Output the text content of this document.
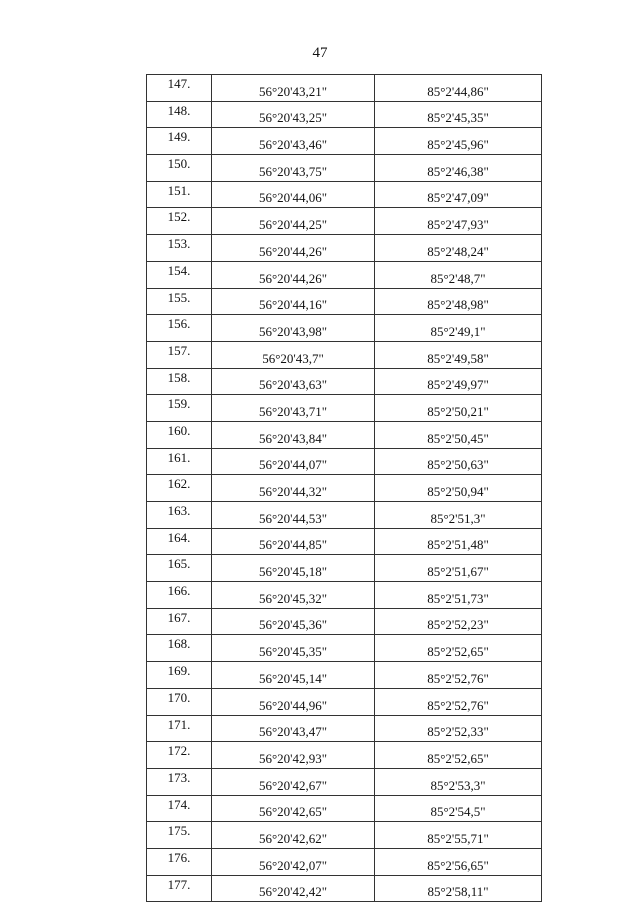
47
147.	56°20'43,21"	85°2'44,86"
148.	56°20'43,25"	85°2'45,35"
149.	56°20'43,46"	85°2'45,96"
150.	56°20'43,75"	85°2'46,38"
151.	56°20'44,06"	85°2'47,09"
152.	56°20'44,25"	85°2'47,93"
153.	56°20'44,26"	85°2'48,24"
154.	56°20'44,26"	85°2'48,7"
155.	56°20'44,16"	85°2'48,98"
156.	56°20'43,98"	85°2'49,1"
157.	56°20'43,7"	85°2'49,58"
158.	56°20'43,63"	85°2'49,97"
159.	56°20'43,71"	85°2'50,21"
160.	56°20'43,84"	85°2'50,45"
161.	56°20'44,07"	85°2'50,63"
162.	56°20'44,32"	85°2'50,94"
163.	56°20'44,53"	85°2'51,3"
164.	56°20'44,85"	85°2'51,48"
165.	56°20'45,18"	85°2'51,67"
166.	56°20'45,32"	85°2'51,73"
167.	56°20'45,36"	85°2'52,23"
168.	56°20'45,35"	85°2'52,65"
169.	56°20'45,14"	85°2'52,76"
170.	56°20'44,96"	85°2'52,76"
171.	56°20'43,47"	85°2'52,33"
172.	56°20'42,93"	85°2'52,65"
173.	56°20'42,67"	85°2'53,3"
174.	56°20'42,65"	85°2'54,5"
175.	56°20'42,62"	85°2'55,71"
176.	56°20'42,07"	85°2'56,65"
177.	56°20'42,42"	85°2'58,11"
